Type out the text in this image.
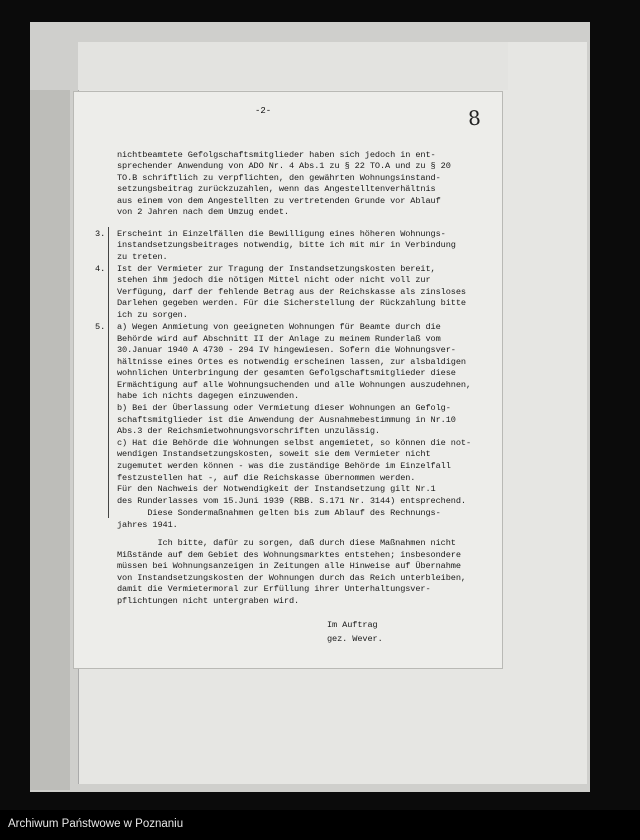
-2-	8
3.
4.
5.
nichtbeamtete Gefolgschaftsmitglieder haben sich jedoch in ent-
sprechender Anwendung von ADO Nr. 4 Abs.1 zu § 22 TO.A und zu § 20
TO.B schriftlich zu verpflichten, den gewährten Wohnungsinstand-
setzungsbeitrag zurückzuzahlen, wenn das Angestelltenverhältnis
aus einem von dem Angestellten zu vertretenden Grunde vor Ablauf
von 2 Jahren nach dem Umzug endet.
Erscheint in Einzelfällen die Bewilligung eines höheren Wohnungs-
instandsetzungsbeitrages notwendig, bitte ich mit mir in Verbindung
zu treten.
Ist der Vermieter zur Tragung der Instandsetzungskosten bereit,
stehen ihm jedoch die nötigen Mittel nicht oder nicht voll zur
Verfügung, darf der fehlende Betrag aus der Reichskasse als zinsloses
Darlehen gegeben werden. Für die Sicherstellung der Rückzahlung bitte
ich zu sorgen.
a) Wegen Anmietung von geeigneten Wohnungen für Beamte durch die
Behörde wird auf Abschnitt II der Anlage zu meinem Runderlaß vom
30.Januar 1940 A 4730 - 294 IV hingewiesen. Sofern die Wohnungsver-
hältnisse eines Ortes es notwendig erscheinen lassen, zur alsbaldigen
wohnlichen Unterbringung der gesamten Gefolgschaftsmitglieder diese
Ermächtigung auf alle Wohnungsuchenden und alle Wohnungen auszudehnen,
habe ich nichts dagegen einzuwenden.
b) Bei der Überlassung oder Vermietung dieser Wohnungen an Gefolg-
schaftsmitglieder ist die Anwendung der Ausnahmebestimmung in Nr.10
Abs.3 der Reichsmietwohnungsvorschriften unzulässig.
c) Hat die Behörde die Wohnungen selbst angemietet, so können die not-
wendigen Instandsetzungskosten, soweit sie dem Vermieter nicht
zugemutet werden können - was die zuständige Behörde im Einzelfall
festzustellen hat -, auf die Reichskasse übernommen werden.
Für den Nachweis der Notwendigkeit der Instandsetzung gilt Nr.1
des Runderlasses vom 15.Juni 1939 (RBB. S.171 Nr. 3144) entsprechend.
Diese Sondermaßnahmen gelten bis zum Ablauf des Rechnungs-
jahres 1941.
Ich bitte, dafür zu sorgen, daß durch diese Maßnahmen nicht
Mißstände auf dem Gebiet des Wohnungsmarktes entstehen; insbesondere
müssen bei Wohnungsanzeigen in Zeitungen alle Hinweise auf Übernahme
von Instandsetzungskosten der Wohnungen durch das Reich unterbleiben,
damit die Vermietermoral zur Erfüllung ihrer Unterhaltungsver-
pflichtungen nicht untergraben wird.
Im Auftrag
gez. Wever.
Archiwum Państwowe w Poznaniu
